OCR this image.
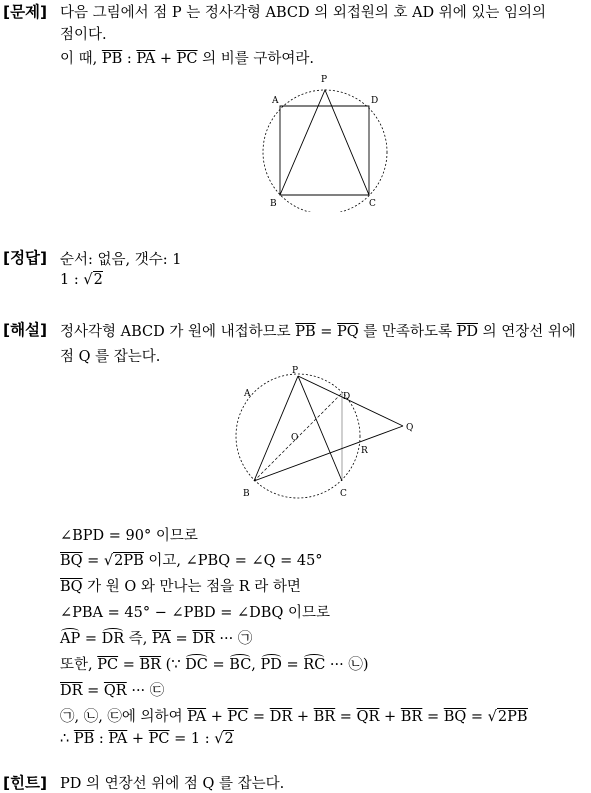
[문제] 다음 그림에서 점 P 는 정사각형 ABCD 의 외접원의 호 AD 위에 있는 임의의
점이다.
이 때, $\overline{PB}$ : $\overline{PA} + \overline{PC}$ 의 비를 구하여라.
P
A	D
B	C
[정답] 순서: 없음, 갯수: 1
1 : √2
[해설] 정사각형 ABCD 가 원에 내접하므로 $\overline{PB} = \overline{PQ}$ 를 만족하도록 $\overline{PD}$ 의 연장선 위에
점 Q 를 잡는다.
P
A	D
O
Q
R
B	C
∠BPD = 90° 이므로
$\overline{BQ} = √2PB$ 이고, ∠PBQ = ∠Q = 45°
$\overline{BQ}$ 가 원 O 와 만나는 점을 R 라 하면
∠PBA = 45° − ∠PBD = ∠DBQ 이므로
AP = DR 즉, $\overline{PA} = \overline{DR}$ ··· ㉠
또한, $\overline{PC} = \overline{BR}$ (∵ DC = BC, PD = RC ··· ㉡)
$\overline{DR} = \overline{QR}$ ··· ㉢
㉠, ㉡, ㉢에 의하여 $\overline{PA} + \overline{PC} = \overline{DR} + \overline{BR} = \overline{QR} + \overline{BR} = \overline{BQ} = √2PB$
∴ $\overline{PB}$ : $\overline{PA} + \overline{PC} = 1$ : √2
[힌트] PD 의 연장선 위에 점 Q 를 잡는다.
